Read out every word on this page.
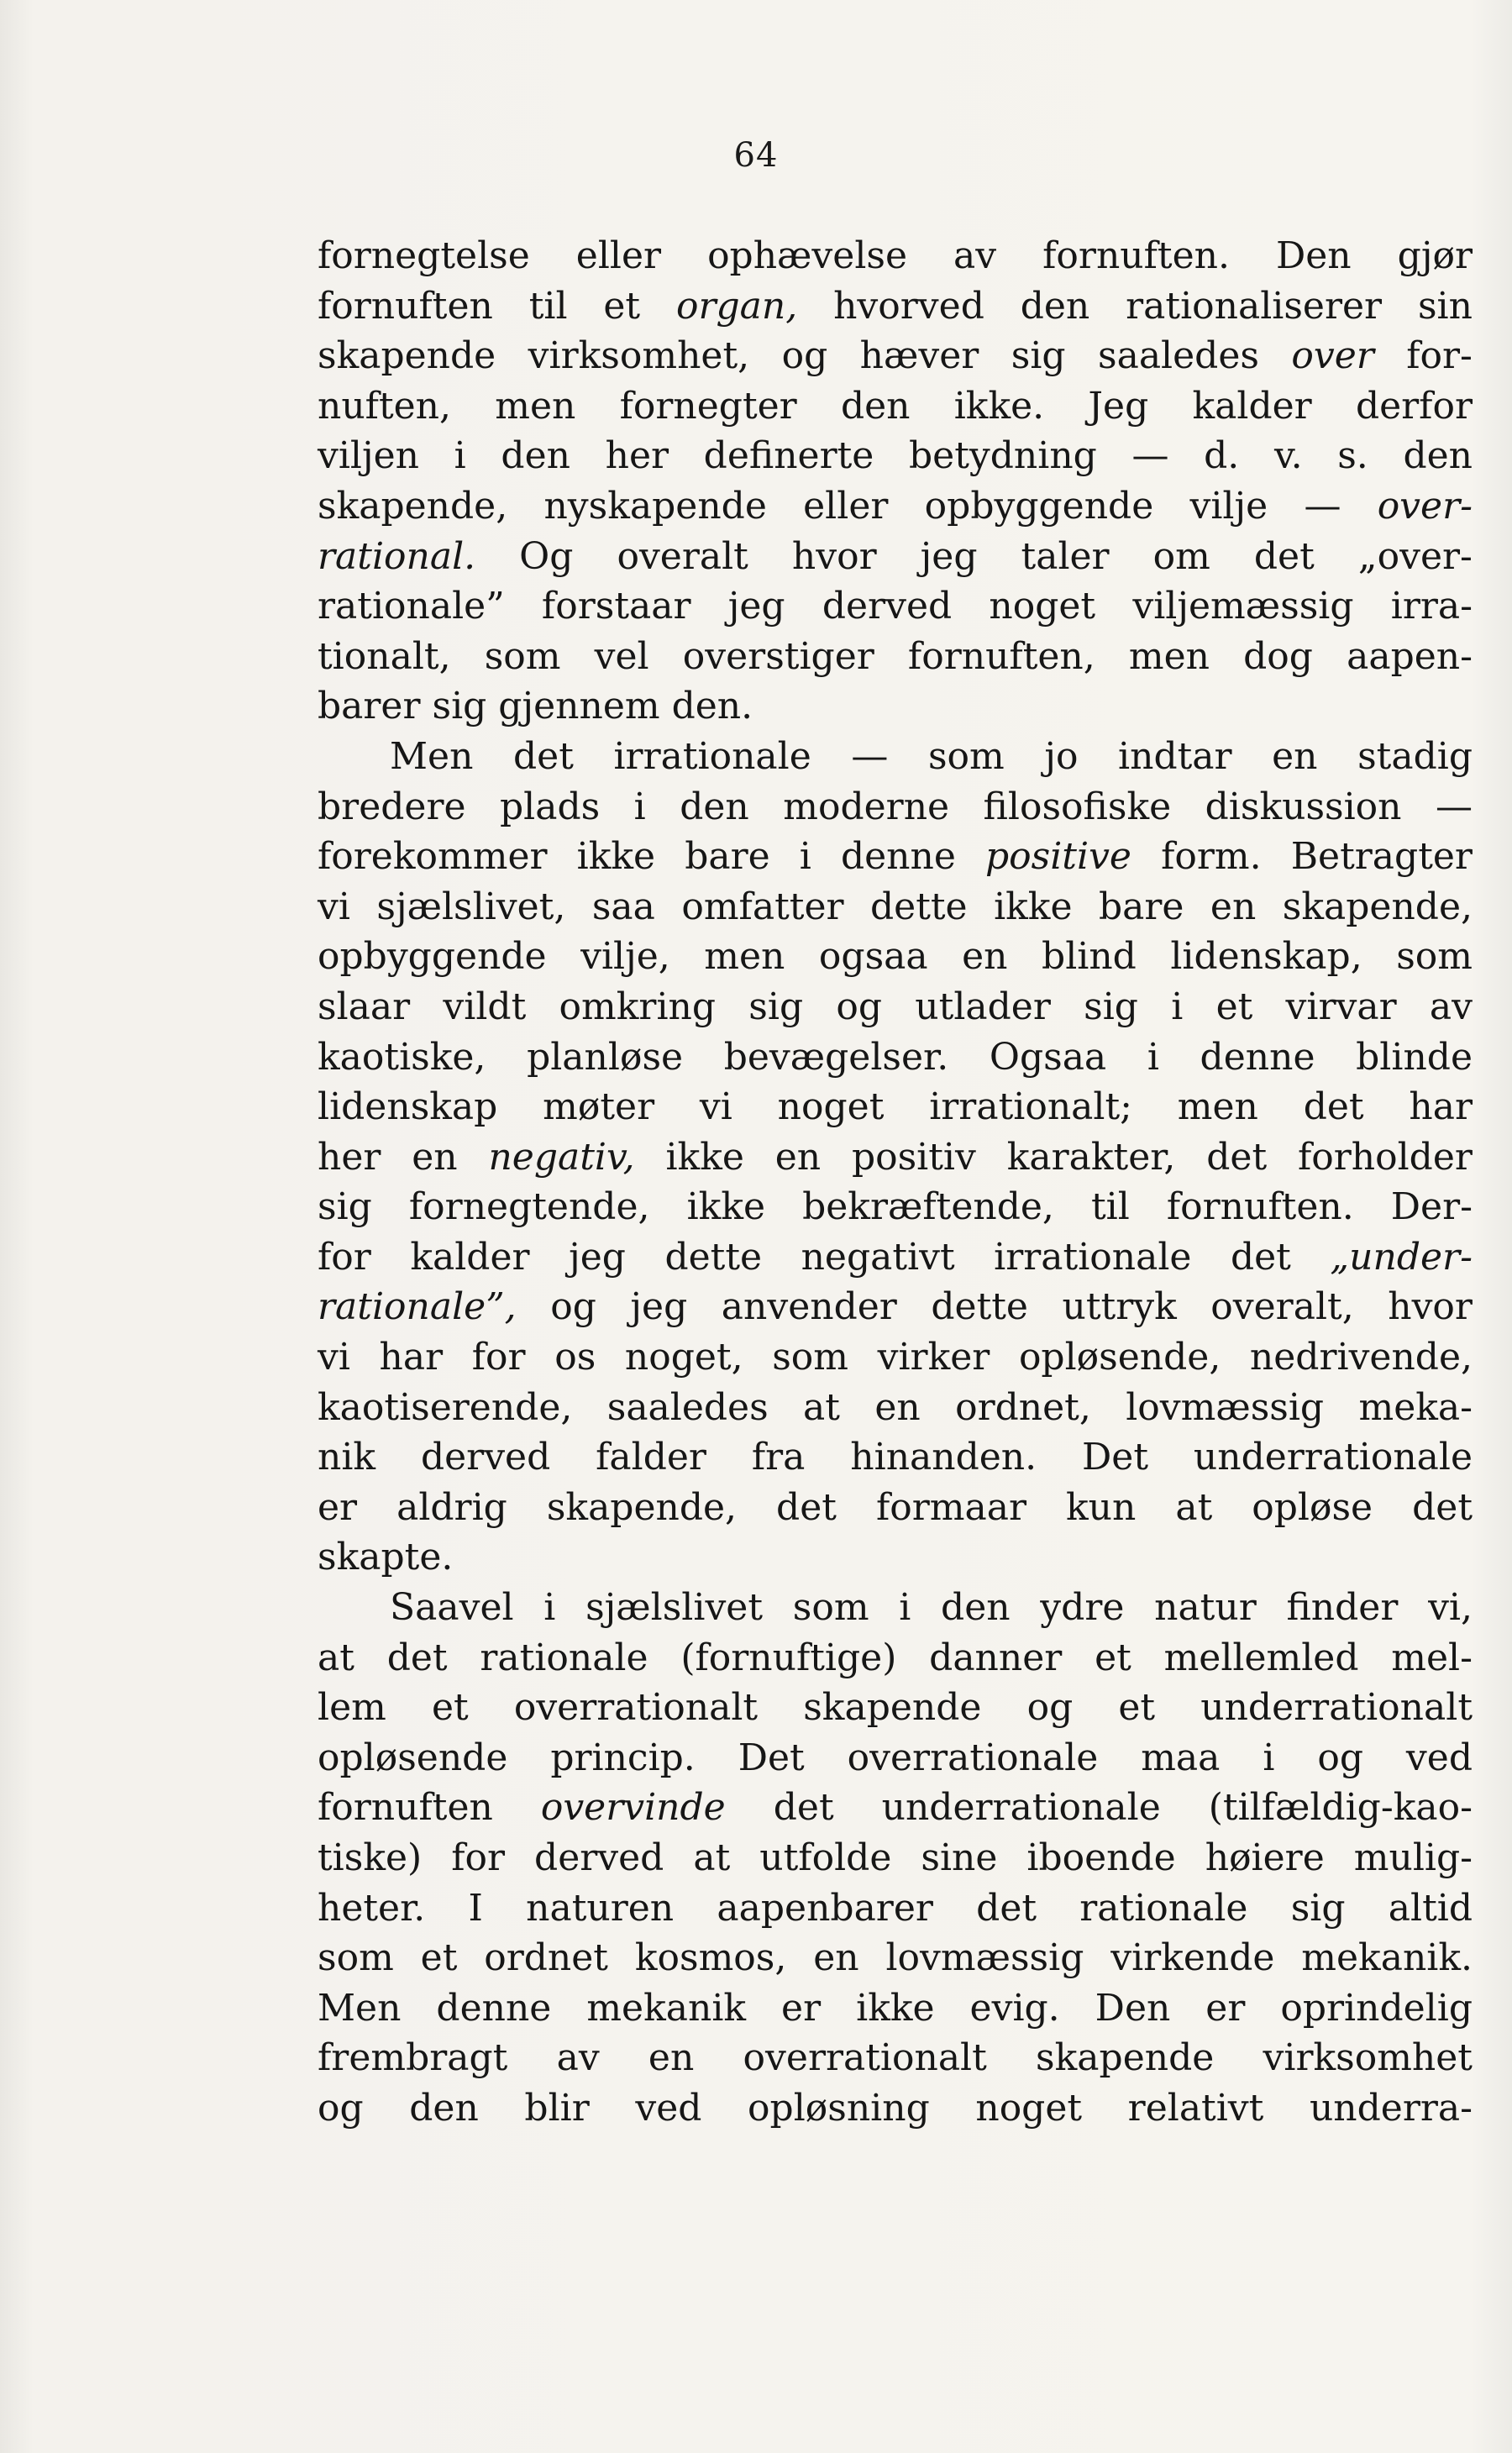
64

fornegtelse eller ophævelse av fornuften. Den gjør
fornuften til et organ, hvorved den rationaliserer sin
skapende virksomhet, og hæver sig saaledes over for-
nuften, men fornegter den ikke. Jeg kalder derfor
viljen i den her definerte betydning — d. v. s. den
skapende, nyskapende eller opbyggende vilje — over-
rational. Og overalt hvor jeg taler om det „over-
rationale” forstaar jeg derved noget viljemæssig irra-
tionalt, som vel overstiger fornuften, men dog aapen-
barer sig gjennem den.

Men det irrationale — som jo indtar en stadig
bredere plads i den moderne filosofiske diskussion —
forekommer ikke bare i denne positive form. Betragter
vi sjælslivet, saa omfatter dette ikke bare en skapende,
opbyggende vilje, men ogsaa en blind lidenskap, som
slaar vildt omkring sig og utlader sig i et virvar av
kaotiske, planløse bevægelser. Ogsaa i denne blinde
lidenskap møter vi noget irrationalt; men det har
her en negativ, ikke en positiv karakter, det forholder
sig fornegtende, ikke bekræftende, til fornuften. Der-
for kalder jeg dette negativt irrationale det „under-
rationale”, og jeg anvender dette uttryk overalt, hvor
vi har for os noget, som virker opløsende, nedrivende,
kaotiserende, saaledes at en ordnet, lovmæssig meka-
nik derved falder fra hinanden. Det underrationale
er aldrig skapende, det formaar kun at opløse det
skapte.

Saavel i sjælslivet som i den ydre natur finder vi,
at det rationale (fornuftige) danner et mellemled mel-
lem et overrationalt skapende og et underrationalt
opløsende princip. Det overrationale maa i og ved
fornuften overvinde det underrationale (tilfældig-kao-
tiske) for derved at utfolde sine iboende høiere mulig-
heter. I naturen aapenbarer det rationale sig altid
som et ordnet kosmos, en lovmæssig virkende mekanik.
Men denne mekanik er ikke evig. Den er oprindelig
frembragt av en overrationalt skapende virksomhet
og den blir ved opløsning noget relativt underra-
